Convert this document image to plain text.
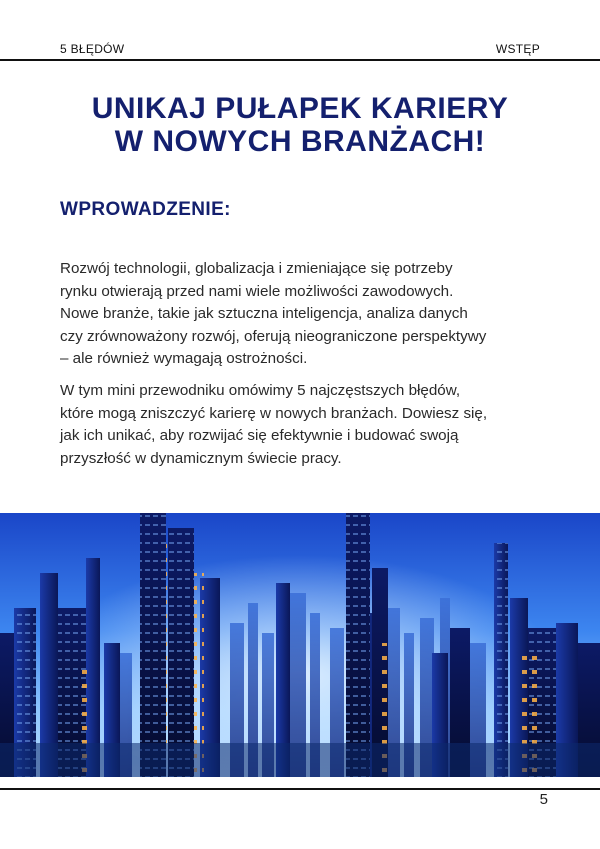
5 BŁĘDÓW	WSTĘP
UNIKAJ PUŁAPEK KARIERY
W NOWYCH BRANŻACH!
WPROWADZENIE:

Rozwój technologii, globalizacja i zmieniające się potrzeby
rynku otwierają przed nami wiele możliwości zawodowych.
Nowe branże, takie jak sztuczna inteligencja, analiza danych
czy zrównoważony rozwój, oferują nieograniczone perspektywy
– ale również wymagają ostrożności.

W tym mini przewodniku omówimy 5 najczęstszych błędów,
które mogą zniszczyć karierę w nowych branżach. Dowiesz się,
jak ich unikać, aby rozwijać się efektywnie i budować swoją
przyszłość w dynamicznym świecie pracy.

5
